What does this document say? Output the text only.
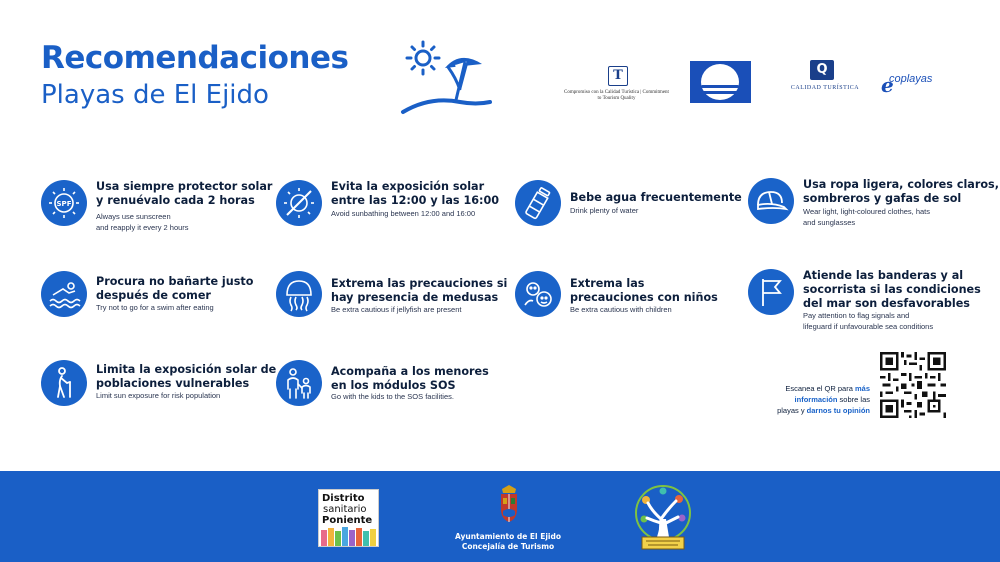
Recomendaciones
Playas de El Ejido
T
Compromiso con la Calidad Turística | Commitment to Tourism Quality
Q
CALIDAD TURÍSTICA e
coplayas
SPF
Usa siempre protector solar
y renuévalo cada 2 horas
Always use sunscreen
and reapply it every 2 hours
Evita la exposición solar
entre las 12:00 y las 16:00
Avoid sunbathing between 12:00 and 16:00
Bebe agua frecuentemente
Drink plenty of water
Usa ropa ligera, colores claros,
sombreros y gafas de sol
Wear light, light-coloured clothes, hats
and sunglasses
Procura no bañarte justo
después de comer
Try not to go for a swim after eating
Extrema las precauciones si
hay presencia de medusas
Be extra cautious if jellyfish are present
Extrema las
precauciones con niños
Be extra cautious with children
Atiende las banderas y al
socorrista si las condiciones
del mar son desfavorables
Pay attention to flag signals and
lifeguard if unfavourable sea conditions
Limita la exposición solar de
poblaciones vulnerables
Limit sun exposure for risk population
Acompaña a los menores
en los módulos SOS
Go with the kids to the SOS facilities.
Escanea el QR para más
información sobre las
playas y darnos tu opinión
Distrito
sanitario
Poniente
Ayuntamiento de El Ejido
Concejalía de Turismo
